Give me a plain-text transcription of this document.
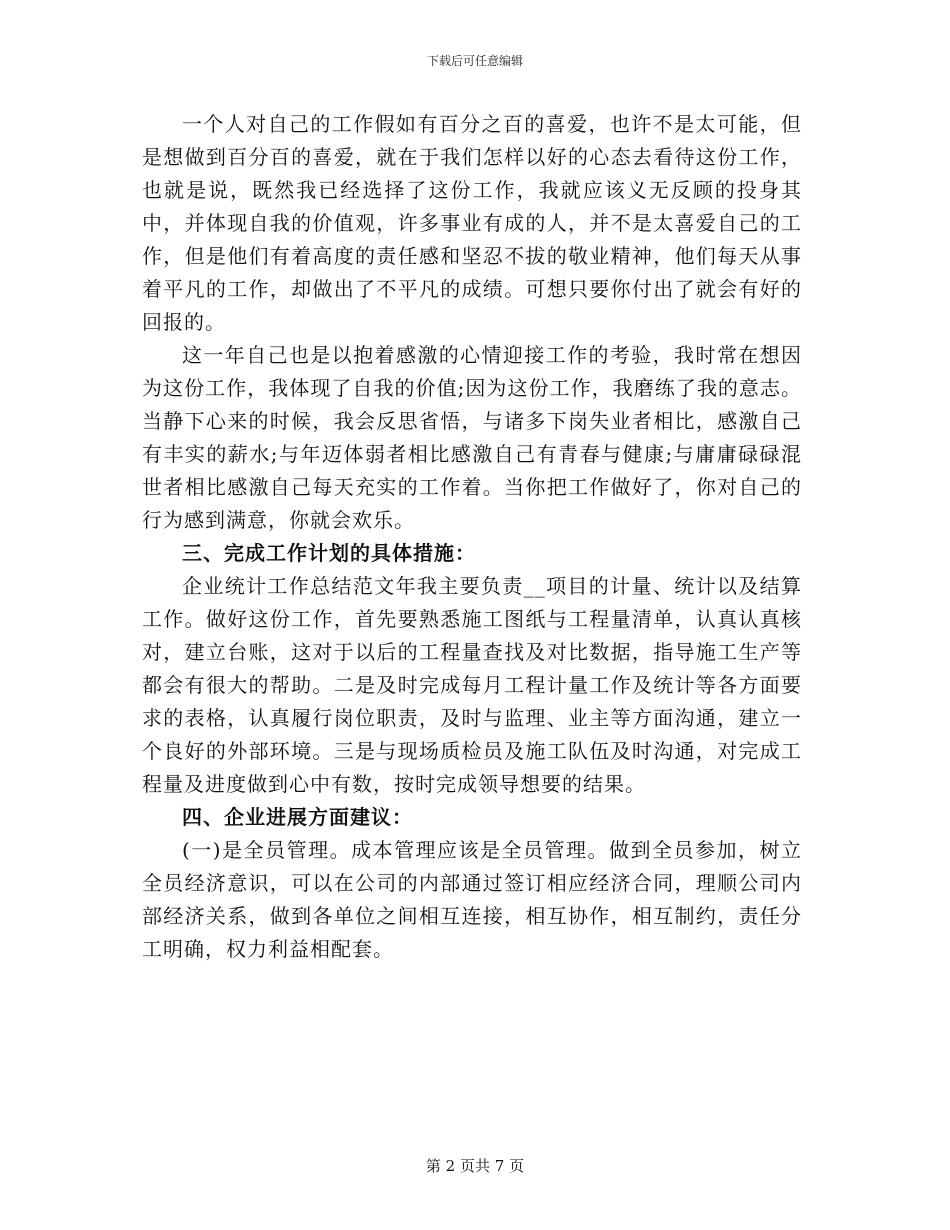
下载后可任意编辑

一个人对自己的工作假如有百分之百的喜爱，也许不是太可能，但是想做到百分百的喜爱，就在于我们怎样以好的心态去看待这份工作，也就是说，既然我已经选择了这份工作，我就应该义无反顾的投身其中，并体现自我的价值观，许多事业有成的人，并不是太喜爱自己的工作，但是他们有着高度的责任感和坚忍不拔的敬业精神，他们每天从事着平凡的工作，却做出了不平凡的成绩。可想只要你付出了就会有好的回报的。

这一年自己也是以抱着感激的心情迎接工作的考验，我时常在想因为这份工作，我体现了自我的价值;因为这份工作，我磨练了我的意志。当静下心来的时候，我会反思省悟，与诸多下岗失业者相比，感激自己有丰实的薪水;与年迈体弱者相比感激自己有青春与健康;与庸庸碌碌混世者相比感激自己每天充实的工作着。当你把工作做好了，你对自己的行为感到满意，你就会欢乐。

三、完成工作计划的具体措施：

企业统计工作总结范文年我主要负责__项目的计量、统计以及结算工作。做好这份工作，首先要熟悉施工图纸与工程量清单，认真认真核对，建立台账，这对于以后的工程量查找及对比数据，指导施工生产等都会有很大的帮助。二是及时完成每月工程计量工作及统计等各方面要求的表格，认真履行岗位职责，及时与监理、业主等方面沟通，建立一个良好的外部环境。三是与现场质检员及施工队伍及时沟通，对完成工程量及进度做到心中有数，按时完成领导想要的结果。

四、企业进展方面建议：

(一)是全员管理。成本管理应该是全员管理。做到全员参加，树立全员经济意识，可以在公司的内部通过签订相应经济合同，理顺公司内部经济关系，做到各单位之间相互连接，相互协作，相互制约，责任分工明确，权力利益相配套。

第 2 页共 7 页
